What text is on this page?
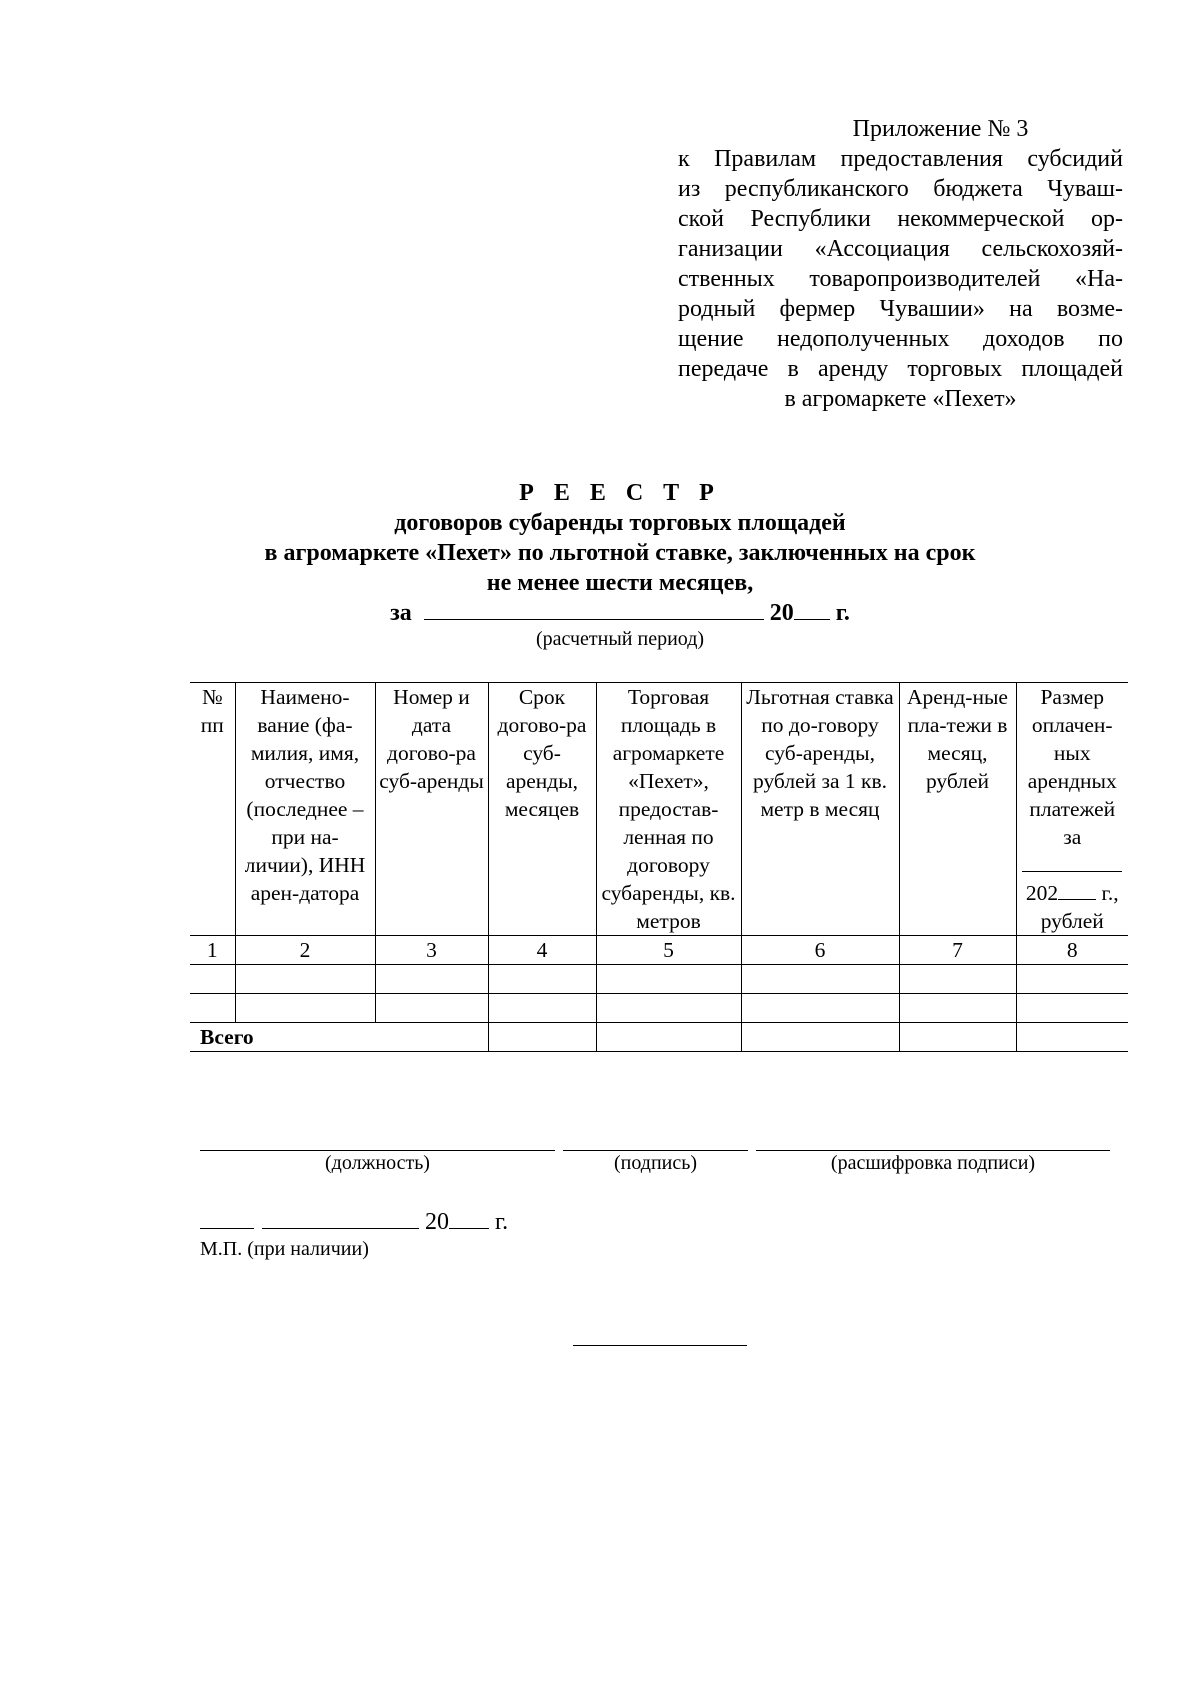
Приложение № 3
к Правилам предоставления субсидий
из республиканского бюджета Чуваш-
ской Республики некоммерческой ор-
ганизации «Ассоциация сельскохозяй-
ственных товаропроизводителей «На-
родный фермер Чувашии» на возме-
щение недополученных доходов по
передаче в аренду торговых площадей
в агромаркете «Пехет»
Р Е Е С Т Р
договоров субаренды торговых площадей
в агромаркете «Пехет» по льготной ставке, заключенных на срок
не менее шести месяцев,
за	20 г.
(расчетный период)
№ пп	Наимено-вание (фа-милия, имя, отчество (последнее – при на-личии), ИНН арен-датора	Номер и дата догово-ра суб-аренды	Срок догово-ра суб-аренды, месяцев	Торговая площадь в агромаркете «Пехет», предостав-ленная по договору субаренды, кв. метров	Льготная ставка по до-говору суб-аренды, рублей за 1 кв. метр в месяц	Аренд-ные пла-тежи в месяц, рублей	Размер оплачен-ных арендных платежей за
202 г.,
рублей

1	2	3	4	5	6	7	8

Всего							
(должность)	(подпись)	(расшифровка подписи)
20 г.
М.П. (при наличии)
